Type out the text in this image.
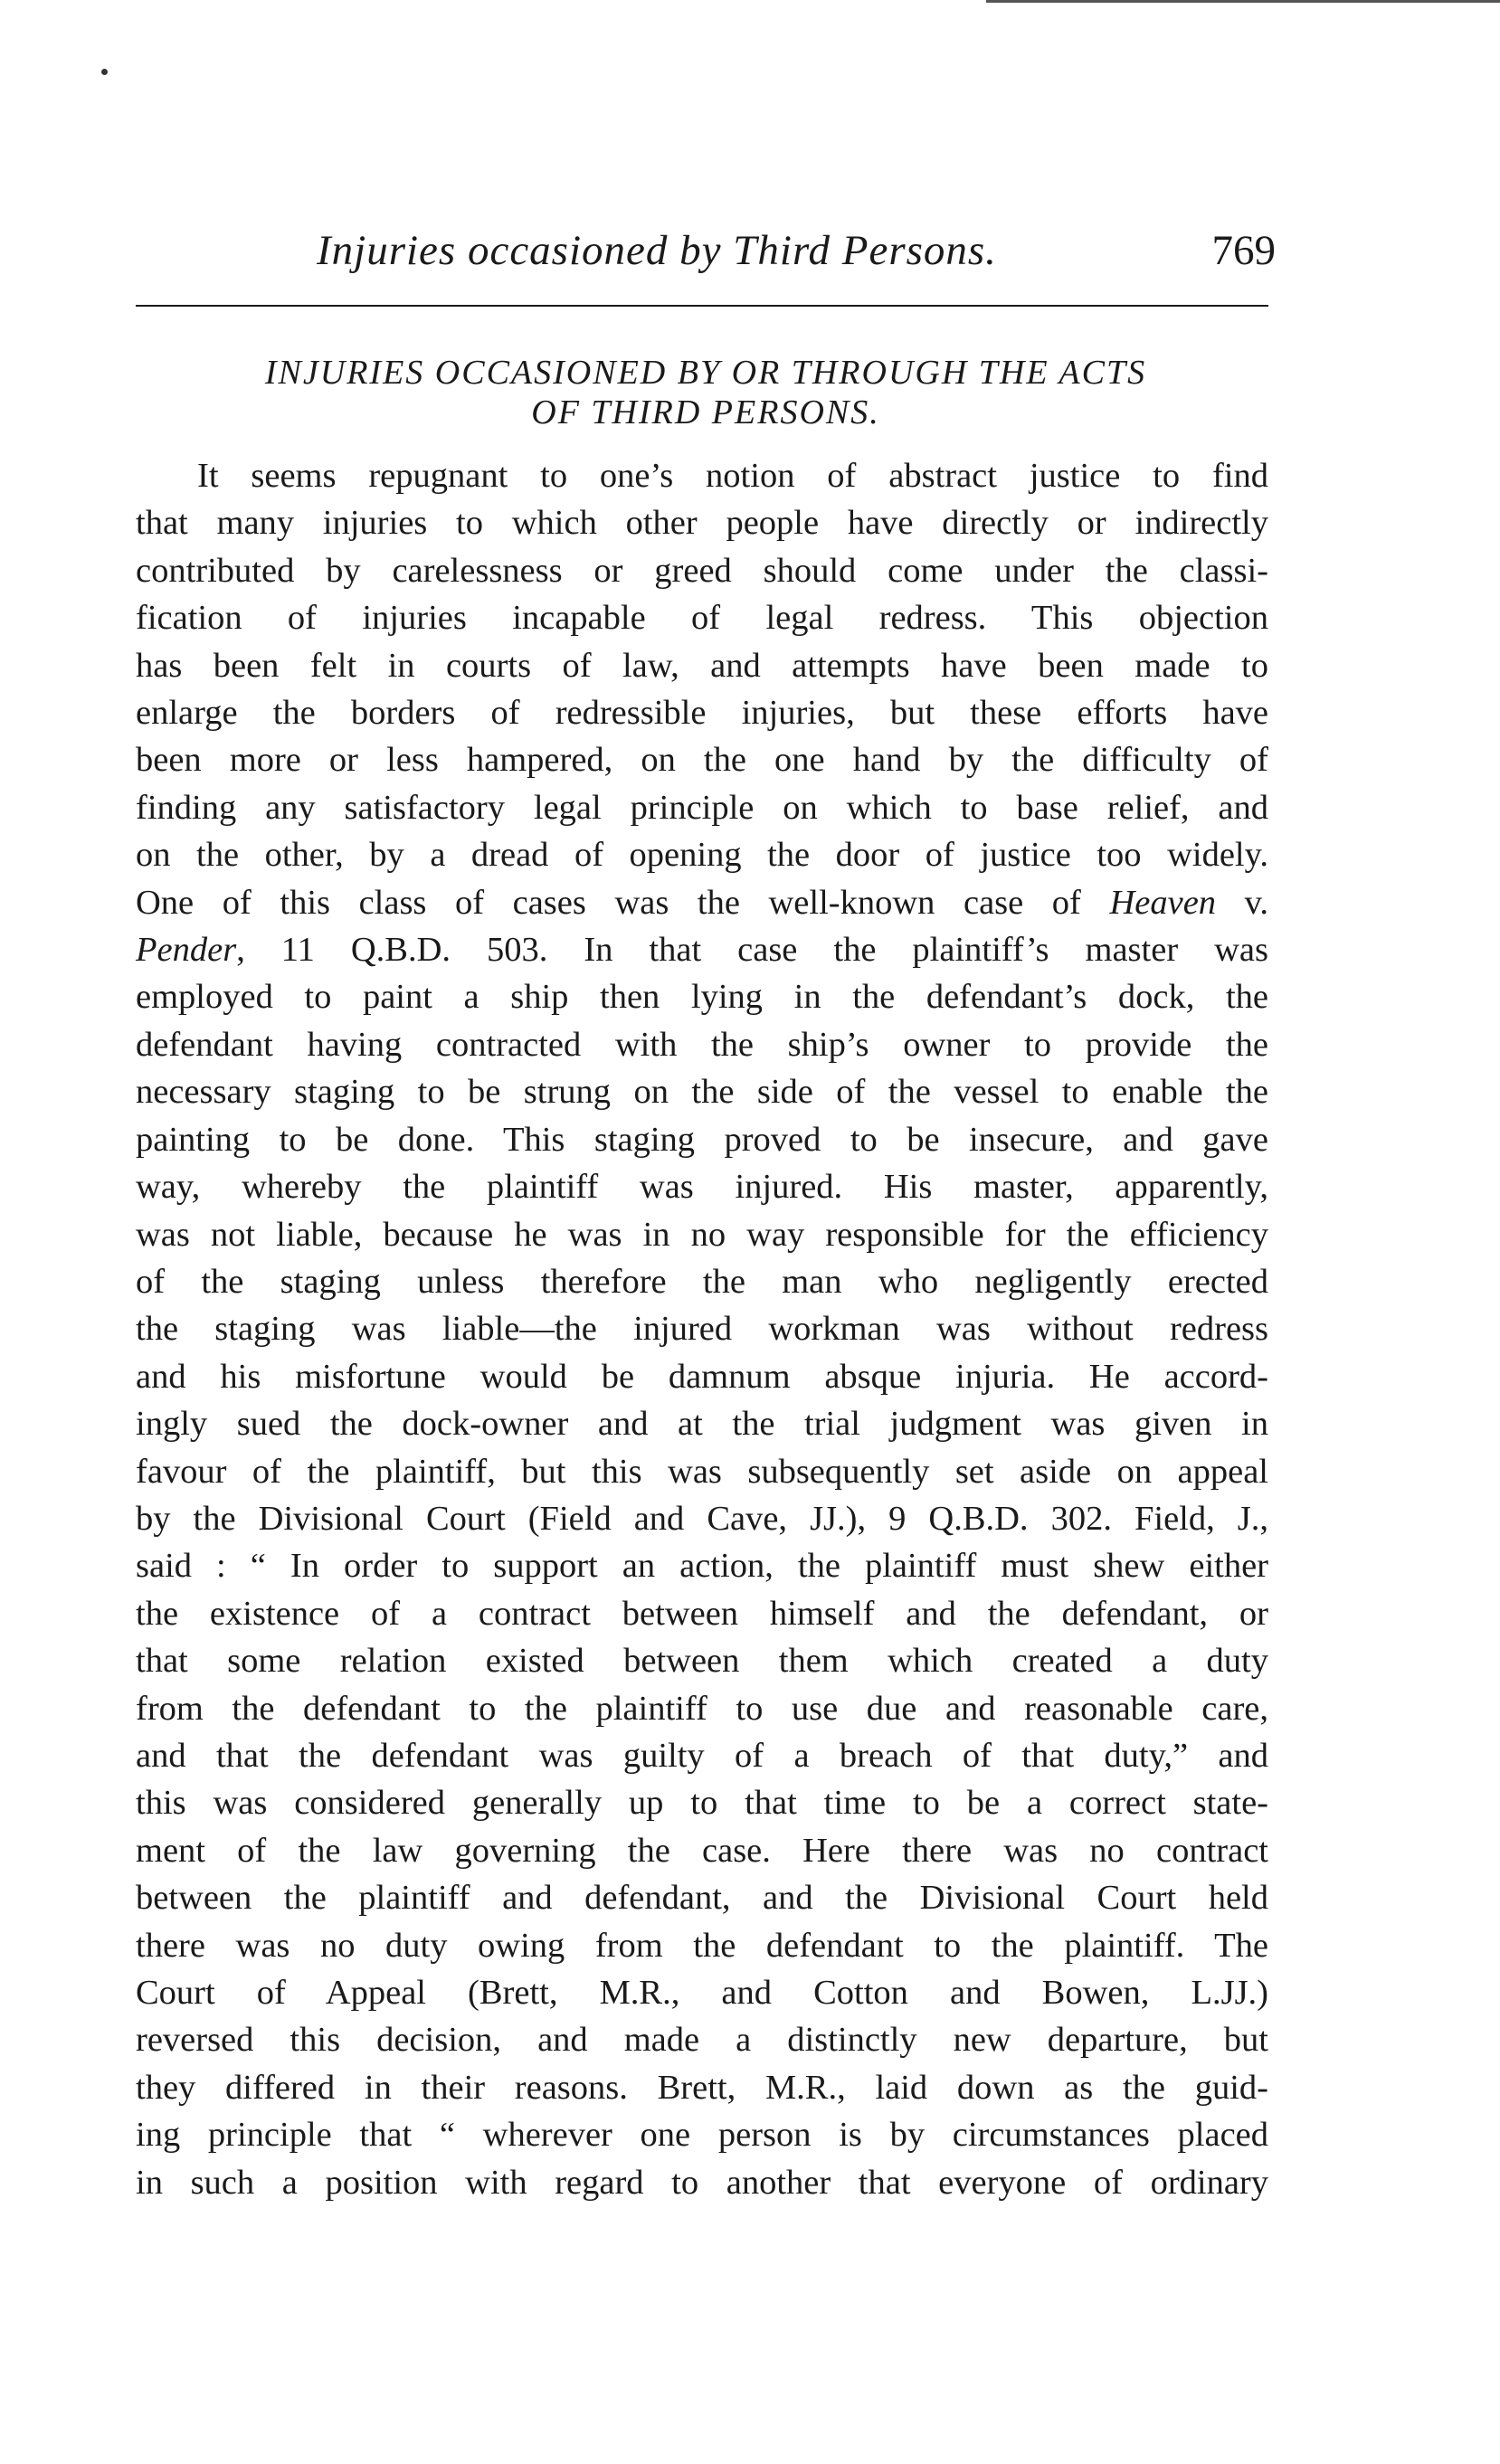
Injuries occasioned by Third Persons.	769
INJURIES OCCASIONED BY OR THROUGH THE ACTS
OF THIRD PERSONS.
It seems repugnant to one’s notion of abstract justice to find
that many injuries to which other people have directly or indirectly
contributed by carelessness or greed should come under the classi-
fication of injuries incapable of legal redress. This objection
has been felt in courts of law, and attempts have been made to
enlarge the borders of redressible injuries, but these efforts have
been more or less hampered, on the one hand by the difficulty of
finding any satisfactory legal principle on which to base relief, and
on the other, by a dread of opening the door of justice too widely.
One of this class of cases was the well-known case of Heaven v.
Pender, 11 Q.B.D. 503. In that case the plaintiff’s master was
employed to paint a ship then lying in the defendant’s dock, the
defendant having contracted with the ship’s owner to provide the
necessary staging to be strung on the side of the vessel to enable the
painting to be done. This staging proved to be insecure, and gave
way, whereby the plaintiff was injured. His master, apparently,
was not liable, because he was in no way responsible for the efficiency
of the staging unless therefore the man who negligently erected
the staging was liable—the injured workman was without redress
and his misfortune would be damnum absque injuria. He accord-
ingly sued the dock-owner and at the trial judgment was given in
favour of the plaintiff, but this was subsequently set aside on appeal
by the Divisional Court (Field and Cave, JJ.), 9 Q.B.D. 302. Field, J.,
said : “ In order to support an action, the plaintiff must shew either
the existence of a contract between himself and the defendant, or
that some relation existed between them which created a duty
from the defendant to the plaintiff to use due and reasonable care,
and that the defendant was guilty of a breach of that duty,” and
this was considered generally up to that time to be a correct state-
ment of the law governing the case. Here there was no contract
between the plaintiff and defendant, and the Divisional Court held
there was no duty owing from the defendant to the plaintiff. The
Court of Appeal (Brett, M.R., and Cotton and Bowen, L.JJ.)
reversed this decision, and made a distinctly new departure, but
they differed in their reasons. Brett, M.R., laid down as the guid-
ing principle that “ wherever one person is by circumstances placed
in such a position with regard to another that everyone of ordinary
